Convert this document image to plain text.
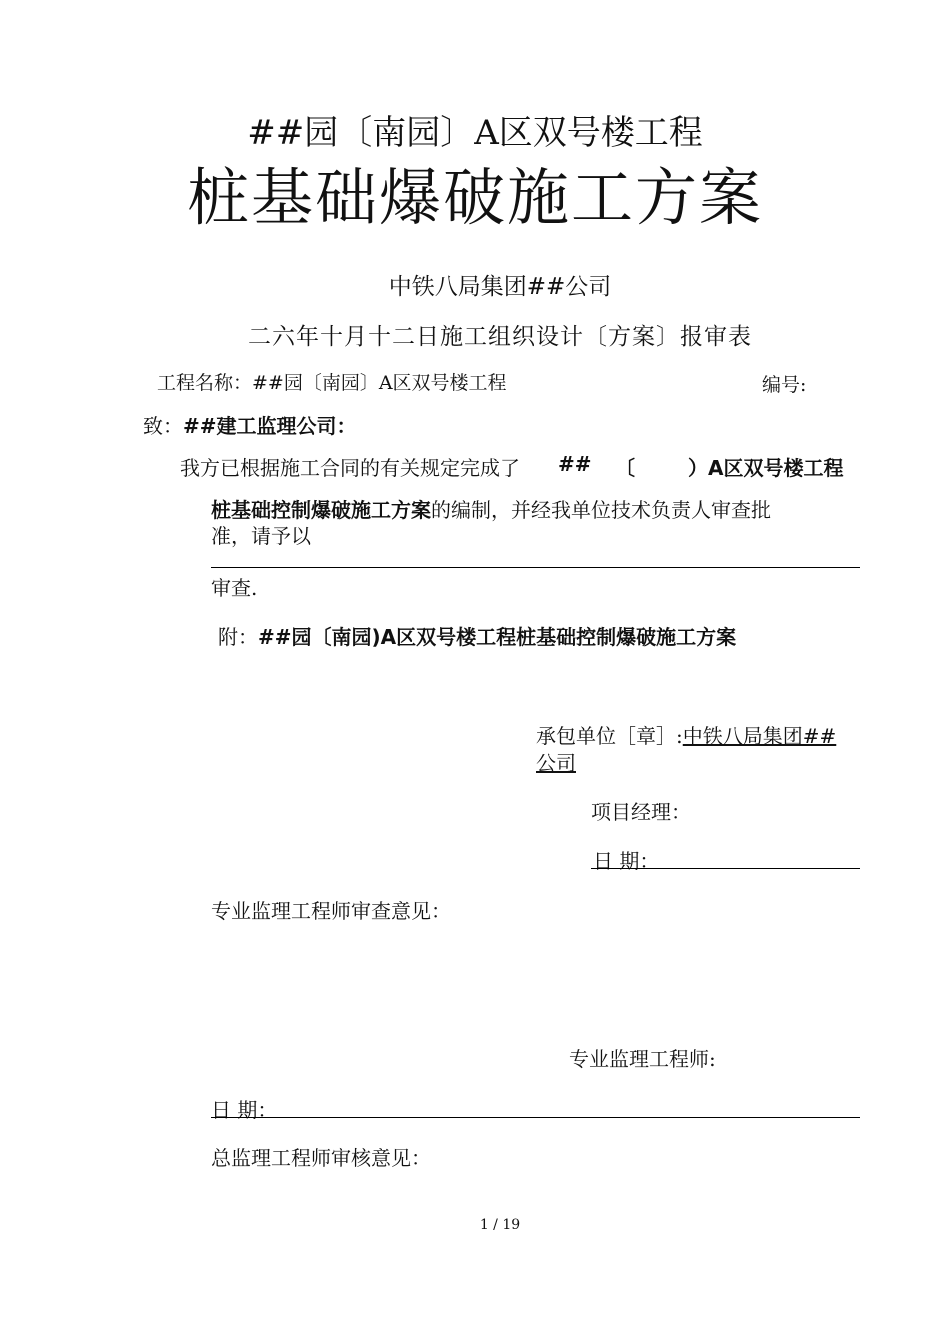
##园〔南园〕A区双号楼工程
桩基础爆破施工方案
中铁八局集团##公司
二六年十月十二日施工组织设计〔方案〕报审表
工程名称：##园〔南园〕A区双号楼工程	编号:
致：##建工监理公司：
我方已根据施工合同的有关规定完成了 ## 〔	）A区双号楼工程
桩基础控制爆破施工方案的编制，并经我单位技术负责人审查批
准，请予以
审查.
附：##园〔南园)A区双号楼工程桩基础控制爆破施工方案
承包单位［章］:中铁八局集团##
公司
项目经理：
日 期：
专业监理工程师审查意见：
专业监理工程师:
日 期：
总监理工程师审核意见：
1 / 19
